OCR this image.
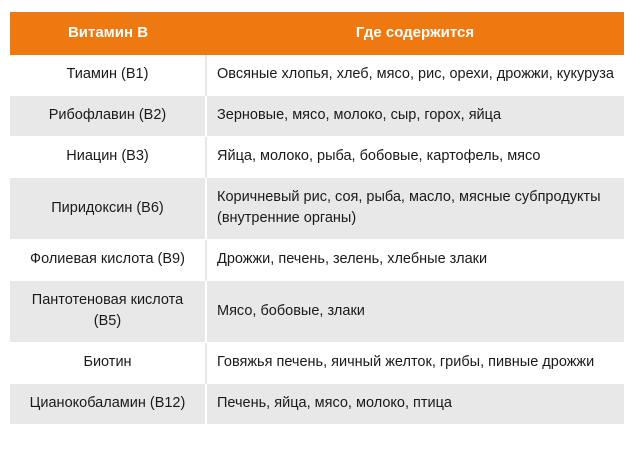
Витамин B	Где содержится
Тиамин (В1)	Овсяные хлопья, хлеб, мясо, рис, орехи, дрожжи, кукуруза
Рибофлавин (В2)	Зерновые, мясо, молоко, сыр, горох, яйца
Ниацин (В3)	Яйца, молоко, рыба, бобовые, картофель, мясо
Пиридоксин (В6)	Коричневый рис, соя, рыба, масло, мясные субпродукты (внутренние органы)
Фолиевая кислота (В9)	Дрожжи, печень, зелень, хлебные злаки
Пантотеновая кислота (В5)	Мясо, бобовые, злаки
Биотин	Говяжья печень, яичный желток, грибы, пивные дрожжи
Цианокобаламин (В12)	Печень, яйца, мясо, молоко, птица
